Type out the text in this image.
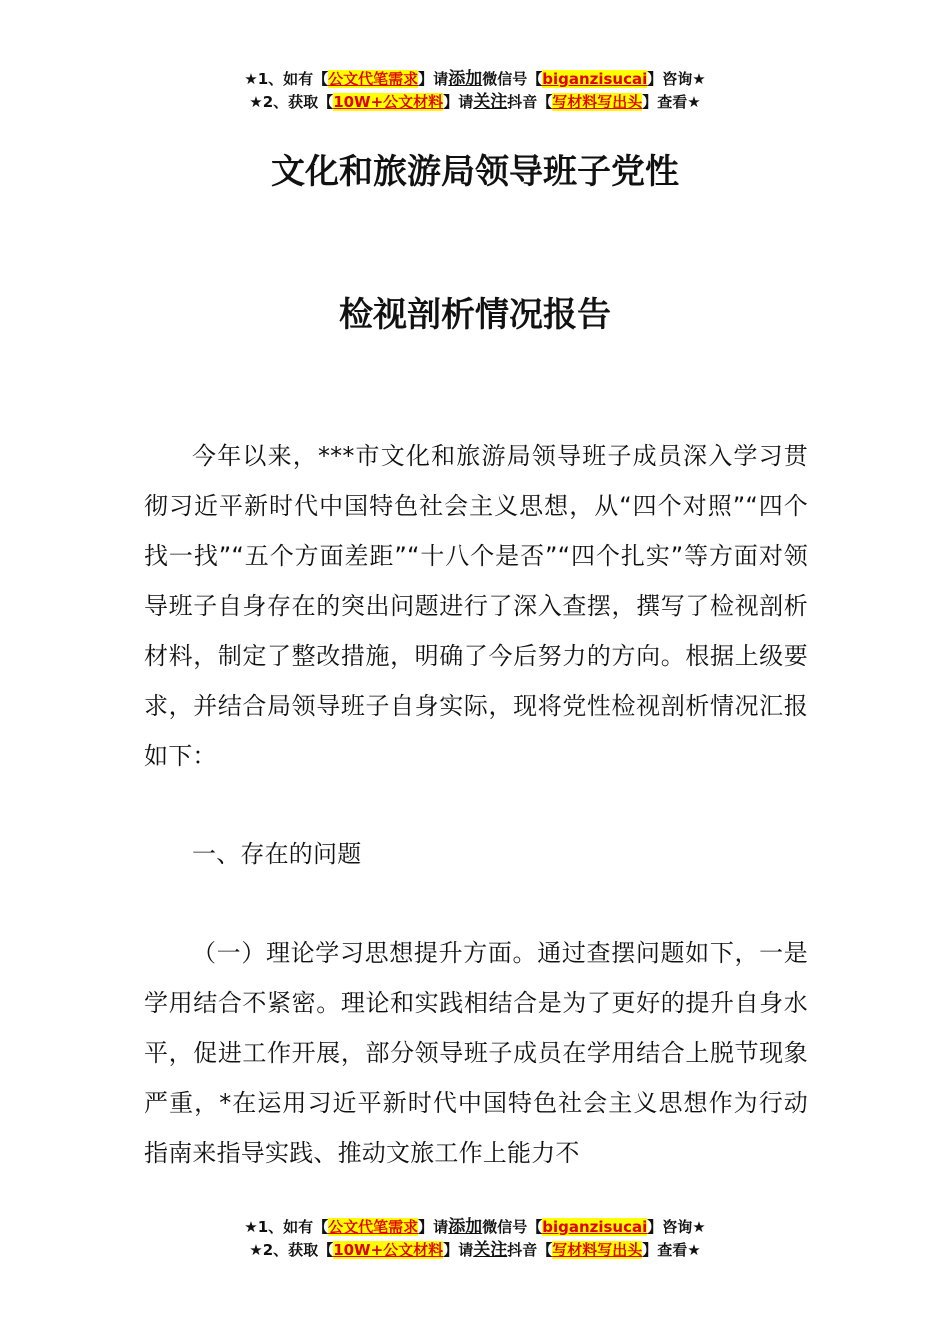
★1、如有【公文代笔需求】请添加微信号【biganzisucai】咨询★
★2、获取【10W+公文材料】请关注抖音【写材料写出头】查看★
文化和旅游局领导班子党性
检视剖析情况报告

今年以来，***市文化和旅游局领导班子成员深入学习贯彻习近平新时代中国特色社会主义思想，从“四个对照”“四个找一找”“五个方面差距”“十八个是否”“四个扎实”等方面对领导班子自身存在的突出问题进行了深入查摆，撰写了检视剖析材料，制定了整改措施，明确了今后努力的方向。根据上级要求，并结合局领导班子自身实际，现将党性检视剖析情况汇报如下：

一、存在的问题

（一）理论学习思想提升方面。通过查摆问题如下，一是学用结合不紧密。理论和实践相结合是为了更好的提升自身水平，促进工作开展，部分领导班子成员在学用结合上脱节现象严重，*在运用习近平新时代中国特色社会主义思想作为行动指南来指导实践、推动文旅工作上能力不

★1、如有【公文代笔需求】请添加微信号【biganzisucai】咨询★
★2、获取【10W+公文材料】请关注抖音【写材料写出头】查看★
